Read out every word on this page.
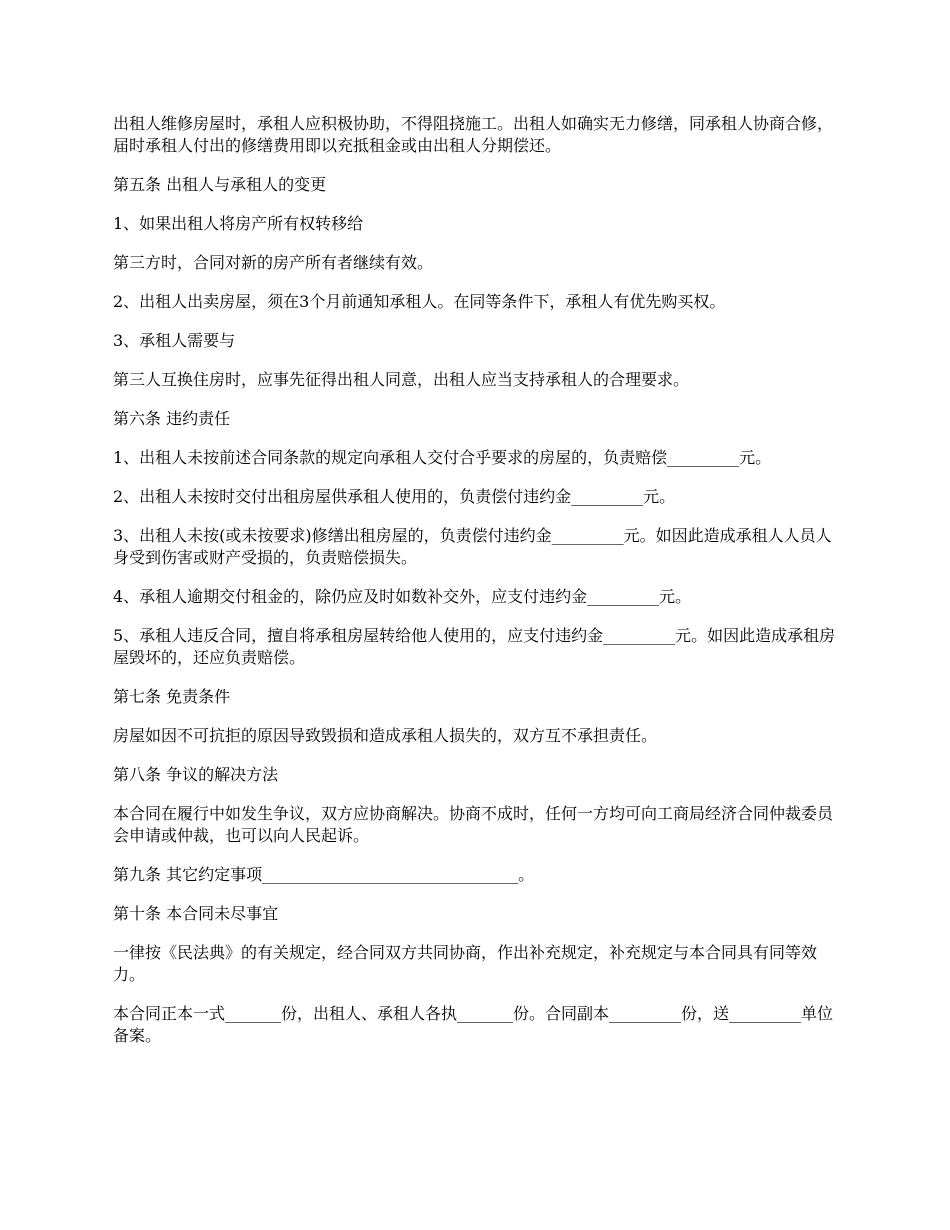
出租人维修房屋时，承租人应积极协助，不得阻挠施工。出租人如确实无力修缮，同承租人协商合修，届时承租人付出的修缮费用即以充抵租金或由出租人分期偿还。

第五条 出租人与承租人的变更

1、如果出租人将房产所有权转移给

第三方时，合同对新的房产所有者继续有效。

2、出租人出卖房屋，须在3个月前通知承租人。在同等条件下，承租人有优先购买权。

3、承租人需要与

第三人互换住房时，应事先征得出租人同意，出租人应当支持承租人的合理要求。

第六条 违约责任

1、出租人未按前述合同条款的规定向承租人交付合乎要求的房屋的，负责赔偿_________元。

2、出租人未按时交付出租房屋供承租人使用的，负责偿付违约金_________元。

3、出租人未按(或未按要求)修缮出租房屋的，负责偿付违约金_________元。如因此造成承租人人员人身受到伤害或财产受损的，负责赔偿损失。

4、承租人逾期交付租金的，除仍应及时如数补交外，应支付违约金_________元。

5、承租人违反合同，擅自将承租房屋转给他人使用的，应支付违约金_________元。如因此造成承租房屋毁坏的，还应负责赔偿。

第七条 免责条件

房屋如因不可抗拒的原因导致毁损和造成承租人损失的，双方互不承担责任。

第八条 争议的解决方法

本合同在履行中如发生争议，双方应协商解决。协商不成时，任何一方均可向工商局经济合同仲裁委员会申请或仲裁，也可以向人民起诉。

第九条 其它约定事项________________________________。

第十条 本合同未尽事宜

一律按《民法典》的有关规定，经合同双方共同协商，作出补充规定，补充规定与本合同具有同等效力。

本合同正本一式_______份，出租人、承租人各执_______份。合同副本_________份，送_________单位备案。
